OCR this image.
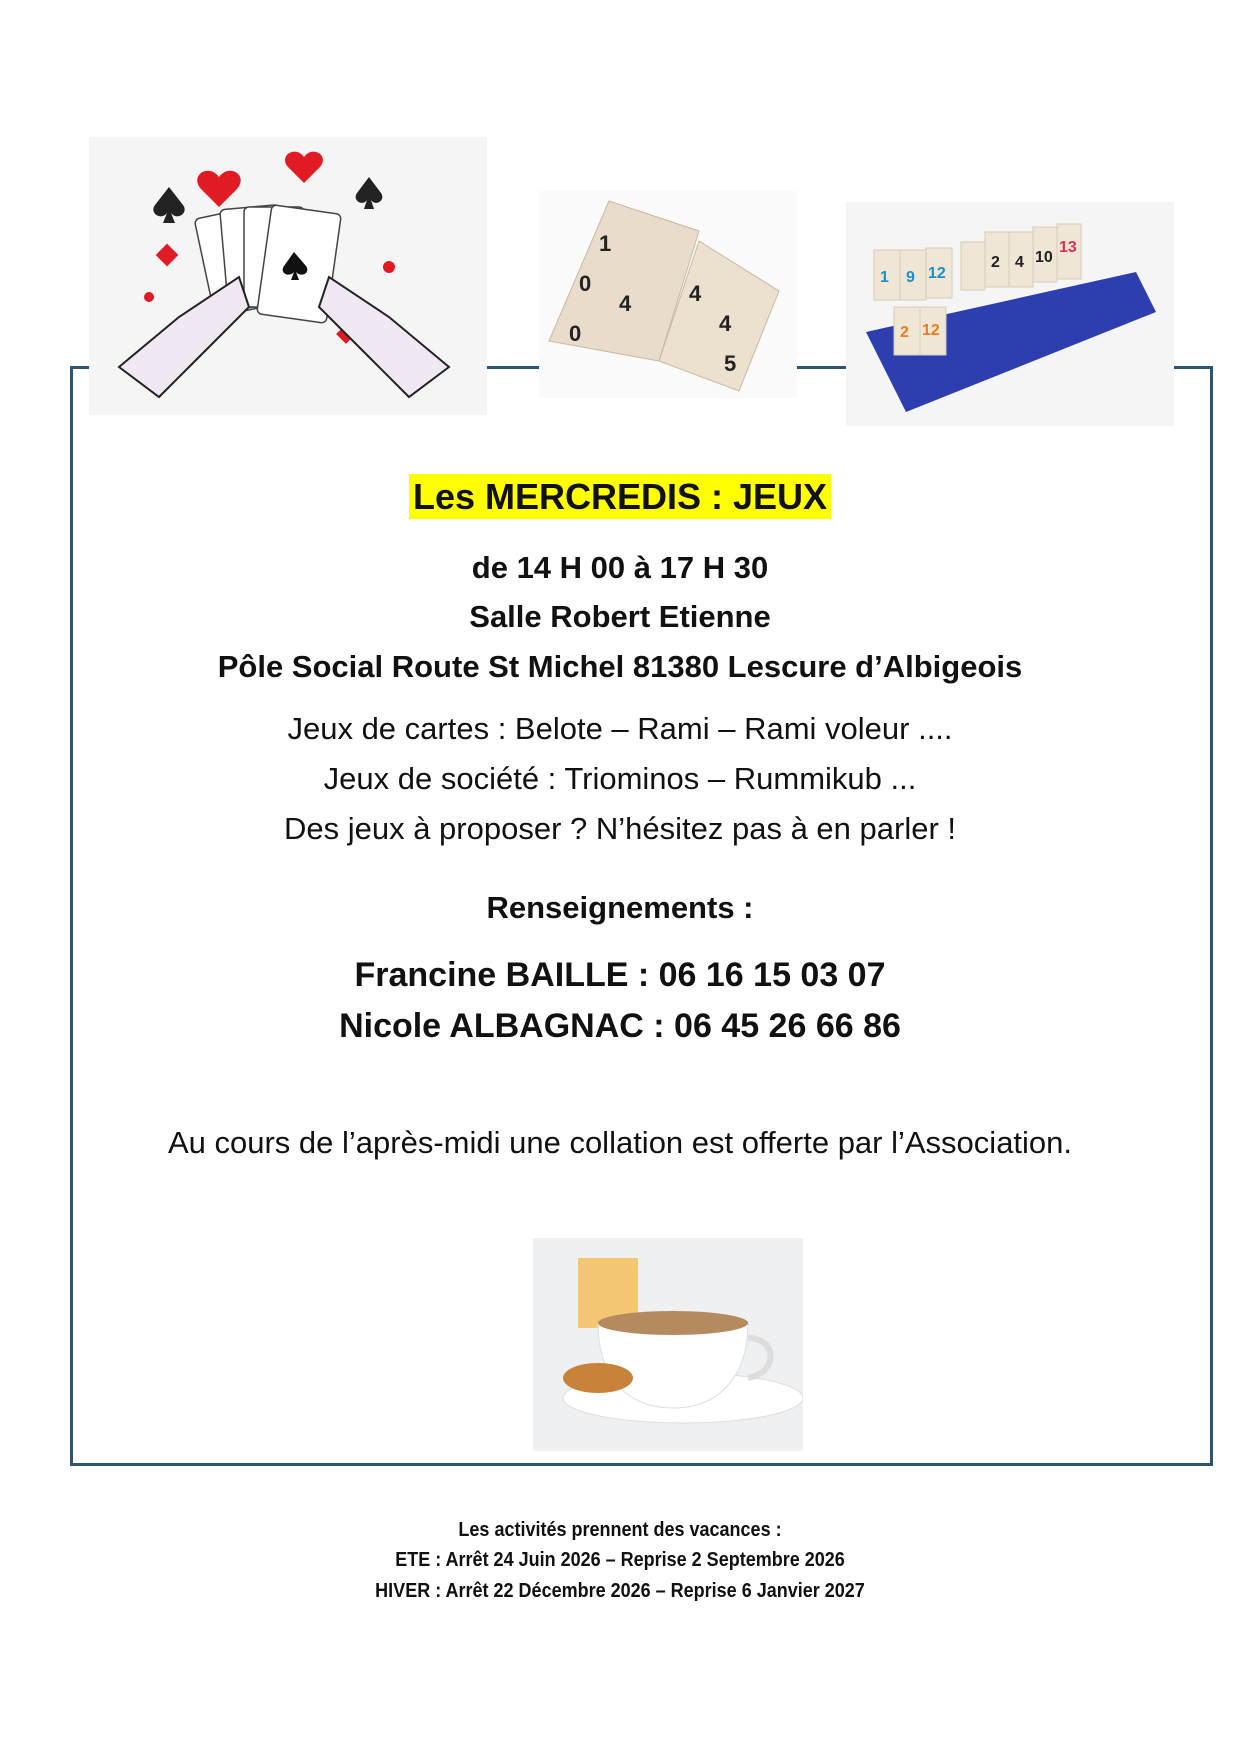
1
0
4
0
4
4
5
1 9 12
2 4 10
13
2 12
Les MERCREDIS : JEUX
de 14 H 00 à 17 H 30
Salle Robert Etienne
Pôle Social Route St Michel 81380 Lescure d’Albigeois
Jeux de cartes : Belote – Rami – Rami voleur ....
Jeux de société : Triominos – Rummikub ...
Des jeux à proposer ? N’hésitez pas à en parler !
Renseignements :
Francine BAILLE : 06 16 15 03 07
Nicole ALBAGNAC : 06 45 26 66 86
Au cours de l’après-midi une collation est offerte par l’Association.
Les activités prennent des vacances :
ETE : Arrêt 24 Juin 2026 – Reprise 2 Septembre 2026
HIVER : Arrêt 22 Décembre 2026 – Reprise 6 Janvier 2027
